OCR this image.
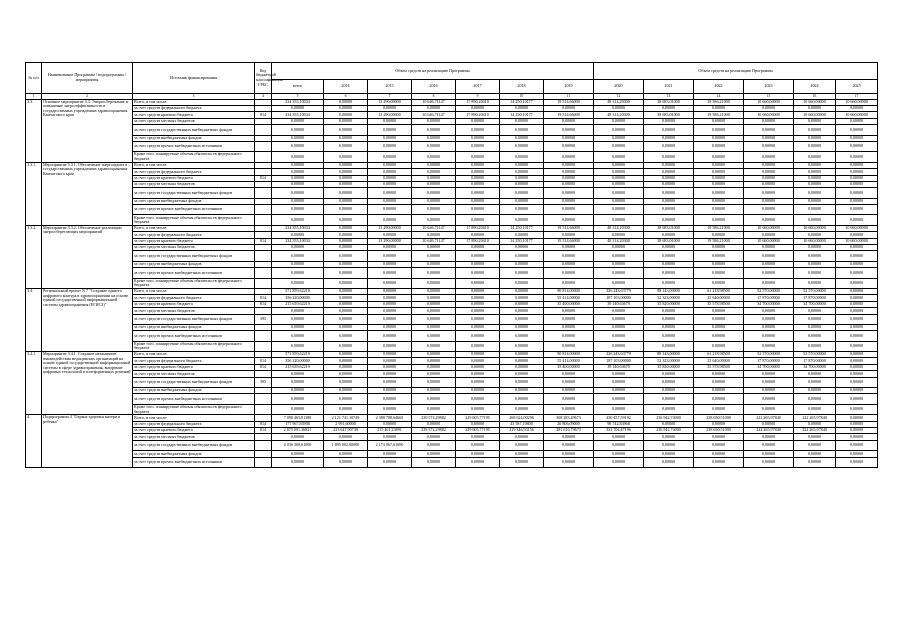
№ п/п	Наименование Программы / подпрограммы / мероприятия	Источник финансирования	Код бюджетной классификации ГРБС	Объем средств на реализацию Программы							Объем средств на реализацию Программы					
				всего	2014	2015	2016	2017	2018	2019	2020	2021	2022	2023	2024	2025
1	2	3	4	5	6	7	8	9	10	11	12	13	14	15	16	17
3.3.	Основное мероприятие 3.3. Энергосбережение и повышение энергоэффективности в государственных учреждениях здравоохранения Камчатского края	Всего, в том числе:		234 355,10034	0,00000	13 290,00000	10 646,71147	17 890,20410	14 250,10177	19 514,66000	48 314,20300	38 683,01000	19 586,21000	10 660,00000	10 660,00000	10 660,00000
		за счет средств федерального бюджета		0,00000	0,00000	0,00000	0,00000	0,00000	0,00000	0,00000	0,00000	0,00000	0,00000	0,00000	0,00000	0,00000
		за счет средств краевого бюджета	814	234 355,10034	0,00000	13 290,00000	10 646,71147	17 890,20410	14 250,10177	19 514,66000	48 314,20300	38 683,01000	19 586,21000	10 660,00000	10 660,00000	10 660,00000
		за счет средств местных бюджетов		0,00000	0,00000	0,00000	0,00000	0,00000	0,00000	0,00000	0,00000	0,00000	0,00000	0,00000	0,00000	0,00000
		за счет средств государственных внебюджетных фондов		0,00000	0,00000	0,00000	0,00000	0,00000	0,00000	0,00000	0,00000	0,00000	0,00000	0,00000	0,00000	0,00000
		за счет средств внебюджетных фондов		0,00000	0,00000	0,00000	0,00000	0,00000	0,00000	0,00000	0,00000	0,00000	0,00000	0,00000	0,00000	0,00000
		за счет средств прочих внебюджетных источников		0,00000	0,00000	0,00000	0,00000	0,00000	0,00000	0,00000	0,00000	0,00000	0,00000	0,00000	0,00000	0,00000
		Кроме того, планируемые объемы обязательств федерального бюджета		0,00000	0,00000	0,00000	0,00000	0,00000	0,00000	0,00000	0,00000	0,00000	0,00000	0,00000	0,00000	0,00000
3.3.1.	Мероприятие 3.3.1. Обеспечение энергоаудита в государственных учреждениях здравоохранения Камчатского края	Всего, в том числе:		0,00000	0,00000	0,00000	0,00000	0,00000	0,00000	0,00000	0,00000	0,00000	0,00000	0,00000	0,00000	0,00000
		за счет средств федерального бюджета		0,00000	0,00000	0,00000	0,00000	0,00000	0,00000	0,00000	0,00000	0,00000	0,00000	0,00000	0,00000	0,00000
		за счет средств краевого бюджета	814	0,00000	0,00000	0,00000	0,00000	0,00000	0,00000	0,00000	0,00000	0,00000	0,00000	0,00000	0,00000	0,00000
		за счет средств местных бюджетов		0,00000	0,00000	0,00000	0,00000	0,00000	0,00000	0,00000	0,00000	0,00000	0,00000	0,00000	0,00000	0,00000
		за счет средств государственных внебюджетных фондов		0,00000	0,00000	0,00000	0,00000	0,00000	0,00000	0,00000	0,00000	0,00000	0,00000	0,00000	0,00000	0,00000
		за счет средств внебюджетных фондов		0,00000	0,00000	0,00000	0,00000	0,00000	0,00000	0,00000	0,00000	0,00000	0,00000	0,00000	0,00000	0,00000
		за счет средств прочих внебюджетных источников		0,00000	0,00000	0,00000	0,00000	0,00000	0,00000	0,00000	0,00000	0,00000	0,00000	0,00000	0,00000	0,00000
		Кроме того, планируемые объемы обязательств федерального бюджета		0,00000	0,00000	0,00000	0,00000	0,00000	0,00000	0,00000	0,00000	0,00000	0,00000	0,00000	0,00000	0,00000
3.3.2.	Мероприятие 3.3.2. Обеспечение реализации энергосберегающих мероприятий	Всего, в том числе:		234 355,10034	0,00000	13 290,00000	10 646,71147	17 890,20410	14 250,10177	19 514,66000	48 314,20300	38 683,01000	19 586,21000	10 660,00000	10 660,00000	10 660,00000
		за счет средств федерального бюджета		0,00000	0,00000	0,00000	0,00000	0,00000	0,00000	0,00000	0,00000	0,00000	0,00000	0,00000	0,00000	0,00000
		за счет средств краевого бюджета	814	234 355,10034	0,00000	13 290,00000	10 646,71147	17 890,20410	14 250,10177	19 514,66000	48 314,20300	38 683,01000	19 586,21000	10 660,00000	10 660,00000	10 660,00000
		за счет средств местных бюджетов		0,00000	0,00000	0,00000	0,00000	0,00000	0,00000	0,00000	0,00000	0,00000	0,00000	0,00000	0,00000	0,00000
		за счет средств государственных внебюджетных фондов		0,00000	0,00000	0,00000	0,00000	0,00000	0,00000	0,00000	0,00000	0,00000	0,00000	0,00000	0,00000	0,00000
		за счет средств внебюджетных фондов		0,00000	0,00000	0,00000	0,00000	0,00000	0,00000	0,00000	0,00000	0,00000	0,00000	0,00000	0,00000	0,00000
		за счет средств прочих внебюджетных источников		0,00000	0,00000	0,00000	0,00000	0,00000	0,00000	0,00000	0,00000	0,00000	0,00000	0,00000	0,00000	0,00000
		Кроме того, планируемые объемы обязательств федерального бюджета		0,00000	0,00000	0,00000	0,00000	0,00000	0,00000	0,00000	0,00000	0,00000	0,00000	0,00000	0,00000	0,00000
3.4.	Региональный проект N 7 "Создание единого цифрового контура в здравоохранении на основе единой государственной информационной системы здравоохранения (ЕГИСЗ)"	Всего, в том числе:		571 859,62219	0,00000	0,00000	0,00000	0,00000	0,00000	90 814,00000	226 243,63779	88 143,00000	61 218,98500	52 570,00000	52 570,00000	0,00000
		за счет средств федерального бюджета	814	356 220,00000	0,00000	0,00000	0,00000	0,00000	0,00000	55 414,00000	187 103,00000	52 323,00000	25 640,00000	17 870,00000	17 870,00000	0,00000
		за счет средств краевого бюджета	814	215 639,62219	0,00000	0,00000	0,00000	0,00000	0,00000	35 400,00000	39 140,63679	35 820,00000	35 578,98500	34 700,00000	34 700,00000	0,00000
		за счет средств местных бюджетов		0,00000	0,00000	0,00000	0,00000	0,00000	0,00000	0,00000	0,00000	0,00000	0,00000	0,00000	0,00000	0,00000
		за счет средств государственных внебюджетных фондов	395	0,00000	0,00000	0,00000	0,00000	0,00000	0,00000	0,00000	0,00000	0,00000	0,00000	0,00000	0,00000	0,00000
		за счет средств внебюджетных фондов		0,00000	0,00000	0,00000	0,00000	0,00000	0,00000	0,00000	0,00000	0,00000	0,00000	0,00000	0,00000	0,00000
		за счет средств прочих внебюджетных источников		0,00000	0,00000	0,00000	0,00000	0,00000	0,00000	0,00000	0,00000	0,00000	0,00000	0,00000	0,00000	0,00000
		Кроме того, планируемые объемы обязательств федерального бюджета		0,00000	0,00000	0,00000	0,00000	0,00000	0,00000	0,00000	0,00000	0,00000	0,00000	0,00000	0,00000	0,00000
3.4.1.	Мероприятие 3.4.1. Создание механизмов взаимодействия медицинских организаций на основе единой государственной информационной системы в сфере здравоохранения, внедрение цифровых технологий и платформенных решений	Всего, в том числе:		571 859,62219	0,00000	0,00000	0,00000	0,00000	0,00000	90 814,00000	226 243,63779	88 143,00000	61 218,98500	52 570,00000	52 570,00000	0,00000
		за счет средств федерального бюджета	814	356 220,00000	0,00000	0,00000	0,00000	0,00000	0,00000	55 414,00000	187 103,00000	52 323,00000	25 640,00000	17 870,00000	17 870,00000	0,00000
		за счет средств краевого бюджета	814	215 639,62219	0,00000	0,00000	0,00000	0,00000	0,00000	35 400,00000	39 140,63679	35 820,00000	35 578,98500	34 700,00000	34 700,00000	0,00000
		за счет средств местных бюджетов		0,00000	0,00000	0,00000	0,00000	0,00000	0,00000	0,00000	0,00000	0,00000	0,00000	0,00000	0,00000	0,00000
		за счет средств государственных внебюджетных фондов	395	0,00000	0,00000	0,00000	0,00000	0,00000	0,00000	0,00000	0,00000	0,00000	0,00000	0,00000	0,00000	0,00000
		за счет средств внебюджетных фондов		0,00000	0,00000	0,00000	0,00000	0,00000	0,00000	0,00000	0,00000	0,00000	0,00000	0,00000	0,00000	0,00000
		за счет средств прочих внебюджетных источников		0,00000	0,00000	0,00000	0,00000	0,00000	0,00000	0,00000	0,00000	0,00000	0,00000	0,00000	0,00000	0,00000
		Кроме того, планируемые объемы обязательств федерального бюджета		0,00000	0,00000	0,00000	0,00000	0,00000	0,00000	0,00000	0,00000	0,00000	0,00000	0,00000	0,00000	0,00000
4.	Подпрограмма 4 "Охрана здоровья матери и ребенка"	Всего, в том числе:		7 090 465,81188	2 121 741,10749	2 388 708,64665	239 572,29882	229 605,77195	268 624,00296	308 283,49673	430 457,59192	236 942,74000	238 650,51000	222 265,97840	222 265,97840	0,00000
		за счет средств федерального бюджета	814	177 967,83908	2 991,60000	0,00000	0,00000	0,00000	43 587,10800	26 806,09000	98 742,84968	0,00000	0,00000	0,00000	0,00000	0,00000
		за счет средств краевого бюджета	814	2 875 091,36821	223 647,90749	215 461,23891	239 572,29882	229 605,77195	219 346,93156	281 616,79673	331 704,47196	236 942,74000	238 650,51000	222 265,97840	222 265,97840	0,00000
		за счет средств местных бюджетов		0,00000	0,00000	0,00000	0,00000	0,00000	0,00000	0,00000	0,00000	0,00000	0,00000	0,00000	0,00000	0,00000
		за счет средств государственных внебюджетных фондов		4 036 309,61000	1 895 002,00000	2 173 067,61000	0,00000	0,00000	0,00000	0,00000	0,00000	0,00000	0,00000	0,00000	0,00000	0,00000
		за счет средств внебюджетных фондов		0,00000	0,00000	0,00000	0,00000	0,00000	0,00000	0,00000	0,00000	0,00000	0,00000	0,00000	0,00000	0,00000
		за счет средств прочих внебюджетных источников		0,00000	0,00000	0,00000	0,00000	0,00000	0,00000	0,00000	0,00000	0,00000	0,00000	0,00000	0,00000	0,00000
